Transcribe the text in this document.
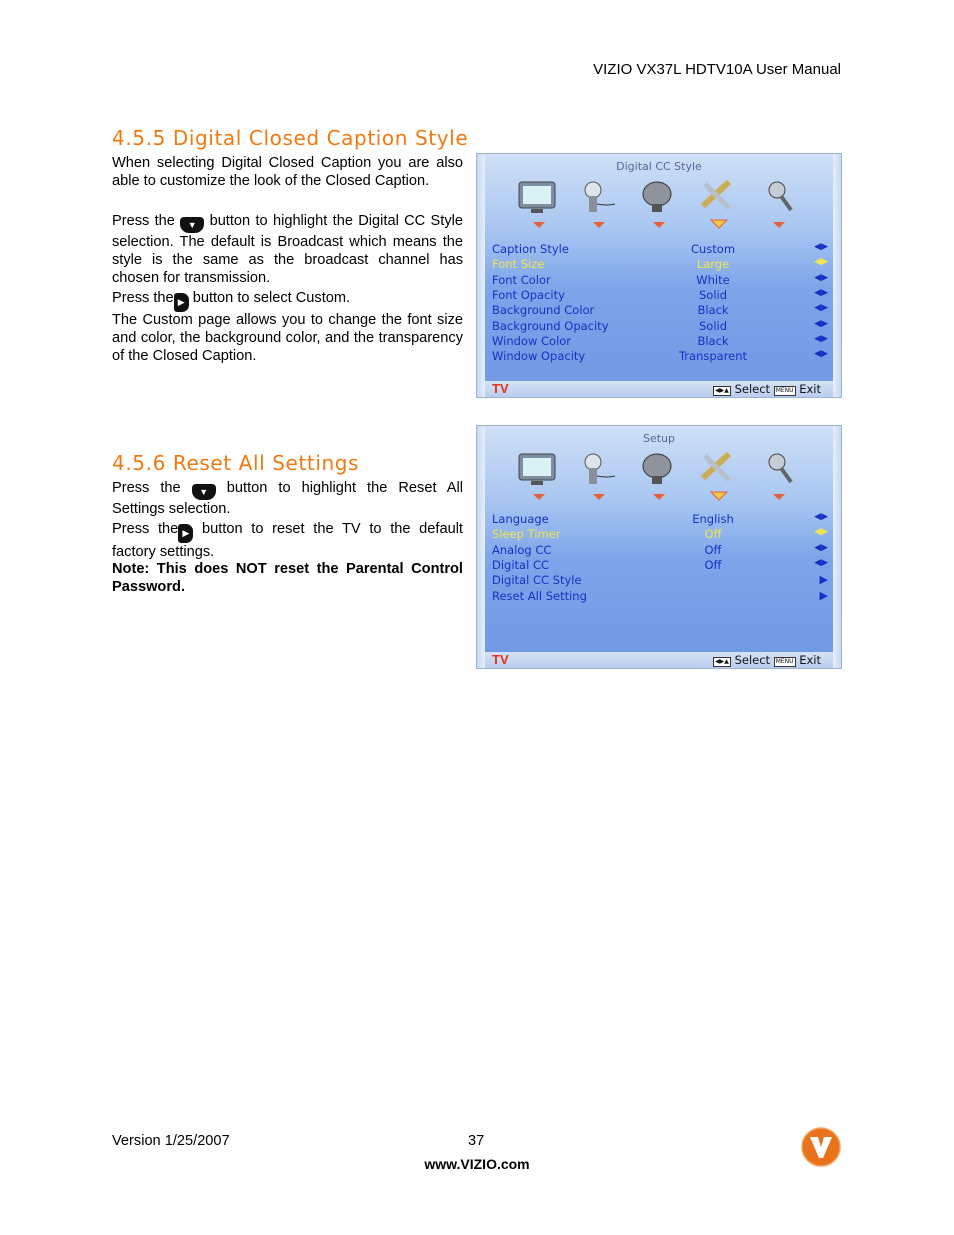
VIZIO VX37L HDTV10A User Manual
4.5.5 Digital Closed Caption Style

When selecting Digital Closed Caption you are also able to customize the look of the Closed Caption.

Press the ▼ button to highlight the Digital CC Style selection. The default is Broadcast which means the style is the same as the broadcast channel has chosen for transmission.

Press the ▶ button to select Custom.

The Custom page allows you to change the font size and color, the background color, and the transparency of the Closed Caption.

Digital CC Style
Caption Style	Custom	◀▶
Font Size	Large	◀▶
Font Color	White	◀▶
Font Opacity	Solid	◀▶
Background Color	Black	◀▶
Background Opacity	Solid	◀▶
Window Color	Black	◀▶
Window Opacity	Transparent	◀▶
TV	◀▶▲ Select MENU Exit
4.5.6 Reset All Settings

Press the ▼ button to highlight the Reset All Settings selection.

Press the ▶ button to reset the TV to the default factory settings.

Note: This does NOT reset the Parental Control Password.

Setup
Language	English	◀▶
Sleep Timer	Off	◀▶
Analog CC	Off	◀▶
Digital CC	Off	◀▶
Digital CC Style	▶
Reset All Setting	▶
TV	◀▶▲ Select MENU Exit
Version 1/25/2007	37
www.VIZIO.com
